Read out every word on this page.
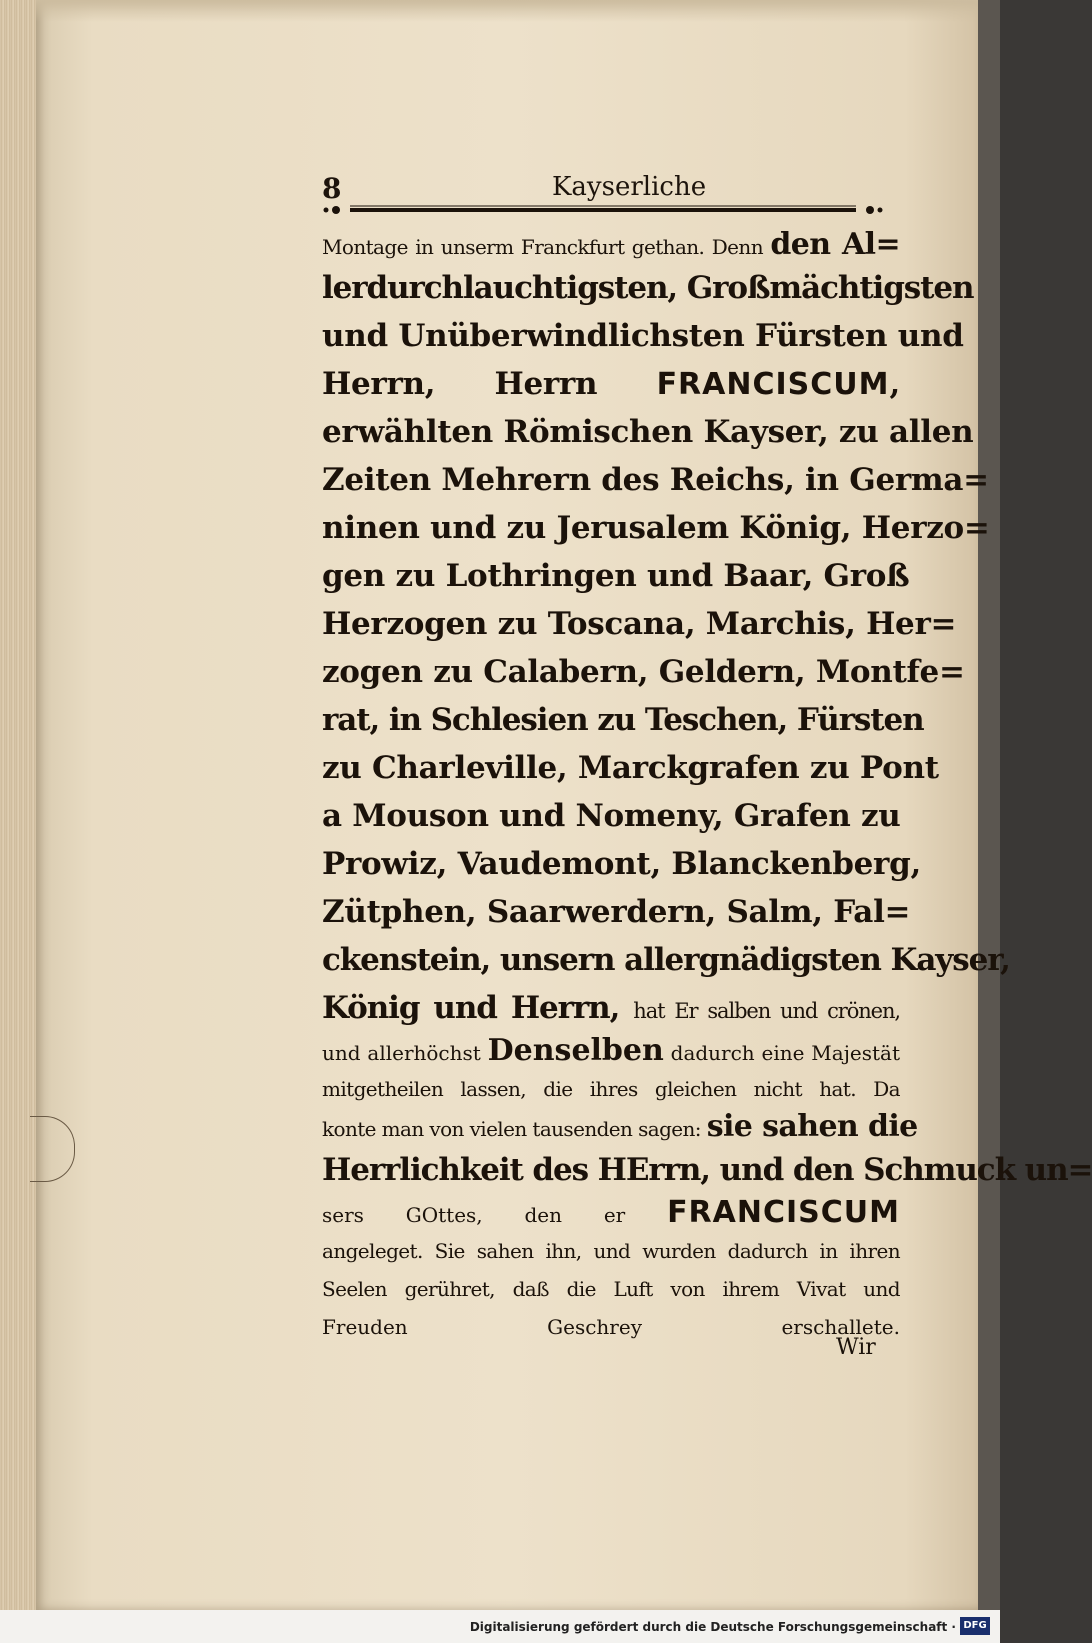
8	Kayserliche
Montage in unserm Franckfurt gethan. Denn den Al=
lerdurchlauchtigsten, Großmächtigsten
und Unüberwindlichsten Fürsten und
Herrn, Herrn FRANCISCUM,
erwählten Römischen Kayser, zu allen
Zeiten Mehrern des Reichs, in Germa=
ninen und zu Jerusalem König, Herzo=
gen zu Lothringen und Baar, Groß
Herzogen zu Toscana, Marchis, Her=
zogen zu Calabern, Geldern, Montfe=
rat, in Schlesien zu Teschen, Fürsten
zu Charleville, Marckgrafen zu Pont
a Mouson und Nomeny, Grafen zu
Prowiz, Vaudemont, Blanckenberg,
Zütphen, Saarwerdern, Salm, Fal=
ckenstein, unsern allergnädigsten Kayser,
König und Herrn, hat Er salben und crönen,
und allerhöchst Denselben dadurch eine Majestät
mitgetheilen lassen, die ihres gleichen nicht hat. Da
konte man von vielen tausenden sagen: sie sahen die
Herrlichkeit des HErrn, und den Schmuck un=
sers GOttes, den er FRANCISCUM
angeleget. Sie sahen ihn, und wurden dadurch in ihren
Seelen gerühret, daß die Luft von ihrem Vivat und
Freuden Geschrey erschallete.
Wir
Digitalisierung gefördert durch die Deutsche Forschungsgemeinschaft · DFG
